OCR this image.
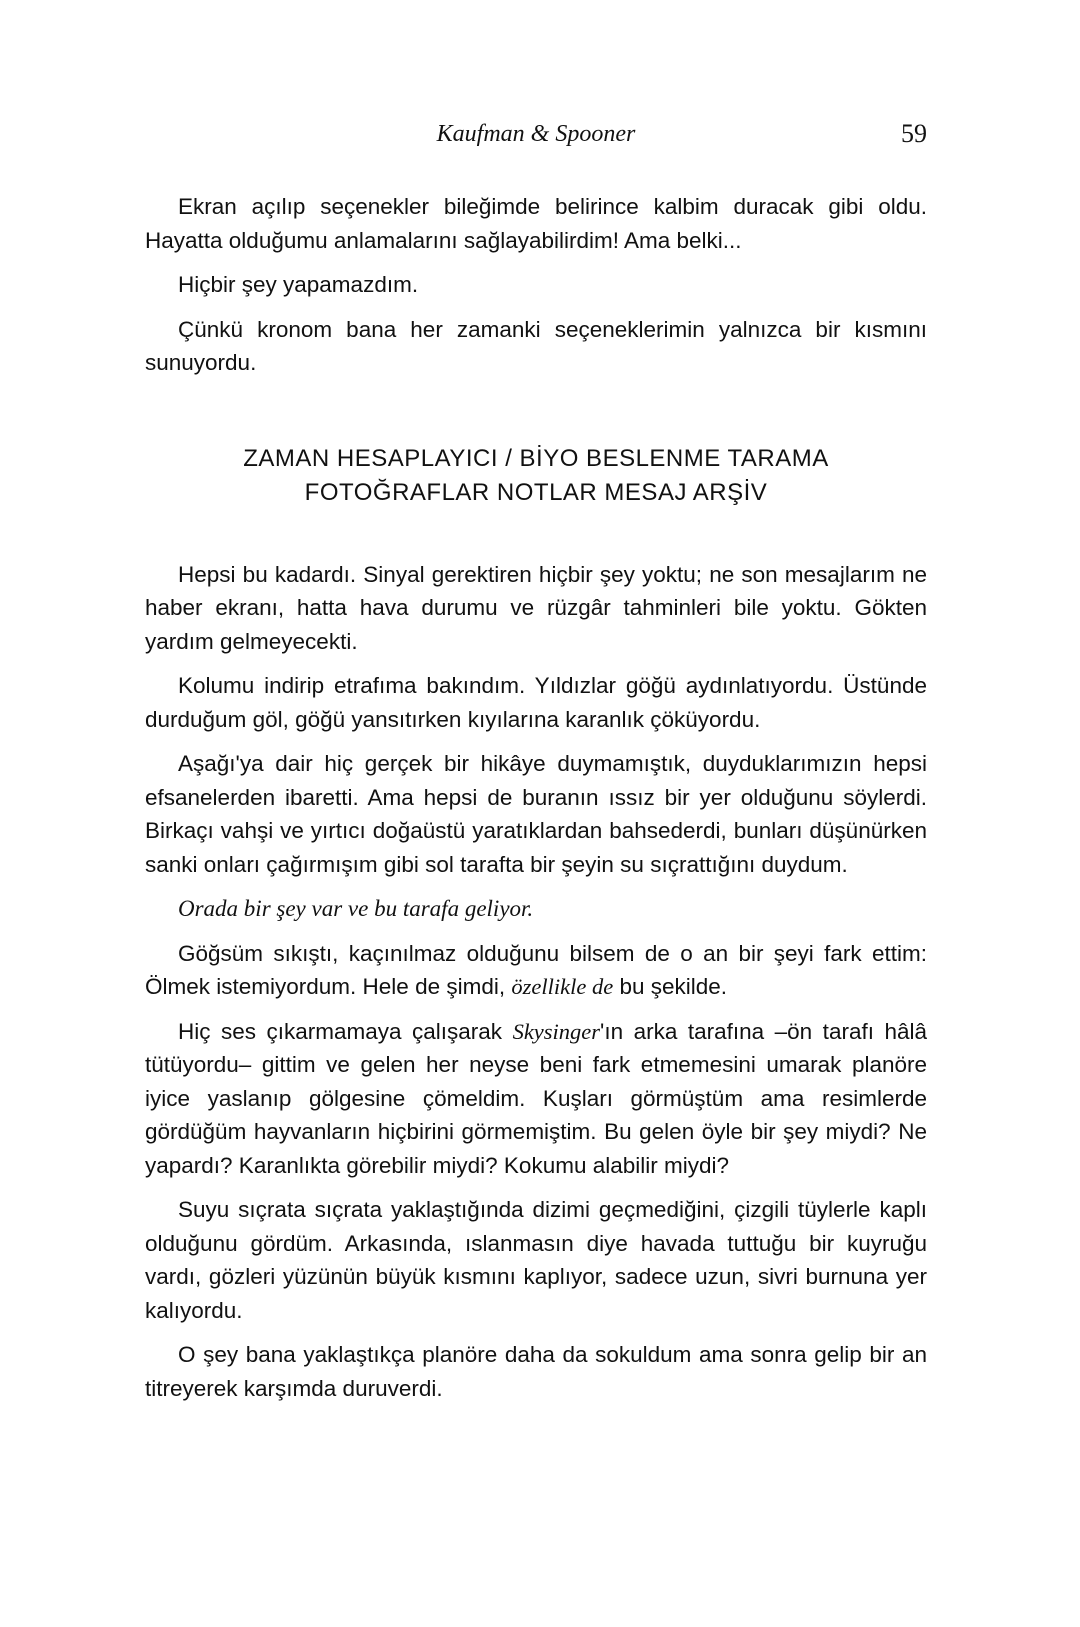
Kaufman & Spooner	59

Ekran açılıp seçenekler bileğimde belirince kalbim duracak gibi oldu. Hayatta olduğumu anlamalarını sağlayabilirdim! Ama belki...

Hiçbir şey yapamazdım.

Çünkü kronom bana her zamanki seçeneklerimin yalnızca bir kısmını sunuyordu.

ZAMAN HESAPLAYICI / BİYO BESLENME TARAMA
FOTOĞRAFLAR NOTLAR MESAJ ARŞİV

Hepsi bu kadardı. Sinyal gerektiren hiçbir şey yoktu; ne son mesajlarım ne haber ekranı, hatta hava durumu ve rüzgâr tahminleri bile yoktu. Gökten yardım gelmeyecekti.

Kolumu indirip etrafıma bakındım. Yıldızlar göğü aydınlatıyordu. Üstünde durduğum göl, göğü yansıtırken kıyılarına karanlık çöküyordu.

Aşağı'ya dair hiç gerçek bir hikâye duymamıştık, duyduklarımızın hepsi efsanelerden ibaretti. Ama hepsi de buranın ıssız bir yer olduğunu söylerdi. Birkaçı vahşi ve yırtıcı doğaüstü yaratıklardan bahsederdi, bunları düşünürken sanki onları çağırmışım gibi sol tarafta bir şeyin su sıçrattığını duydum.

Orada bir şey var ve bu tarafa geliyor.

Göğsüm sıkıştı, kaçınılmaz olduğunu bilsem de o an bir şeyi fark ettim: Ölmek istemiyordum. Hele de şimdi, özellikle de bu şekilde.

Hiç ses çıkarmamaya çalışarak Skysinger'ın arka tarafına –ön tarafı hâlâ tütüyordu– gittim ve gelen her neyse beni fark etmemesini umarak planöre iyice yaslanıp gölgesine çömeldim. Kuşları görmüştüm ama resimlerde gördüğüm hayvanların hiçbirini görmemiştim. Bu gelen öyle bir şey miydi? Ne yapardı? Karanlıkta görebilir miydi? Kokumu alabilir miydi?

Suyu sıçrata sıçrata yaklaştığında dizimi geçmediğini, çizgili tüylerle kaplı olduğunu gördüm. Arkasında, ıslanmasın diye havada tuttuğu bir kuyruğu vardı, gözleri yüzünün büyük kısmını kaplıyor, sadece uzun, sivri burnuna yer kalıyordu.

O şey bana yaklaştıkça planöre daha da sokuldum ama sonra gelip bir an titreyerek karşımda duruverdi.
